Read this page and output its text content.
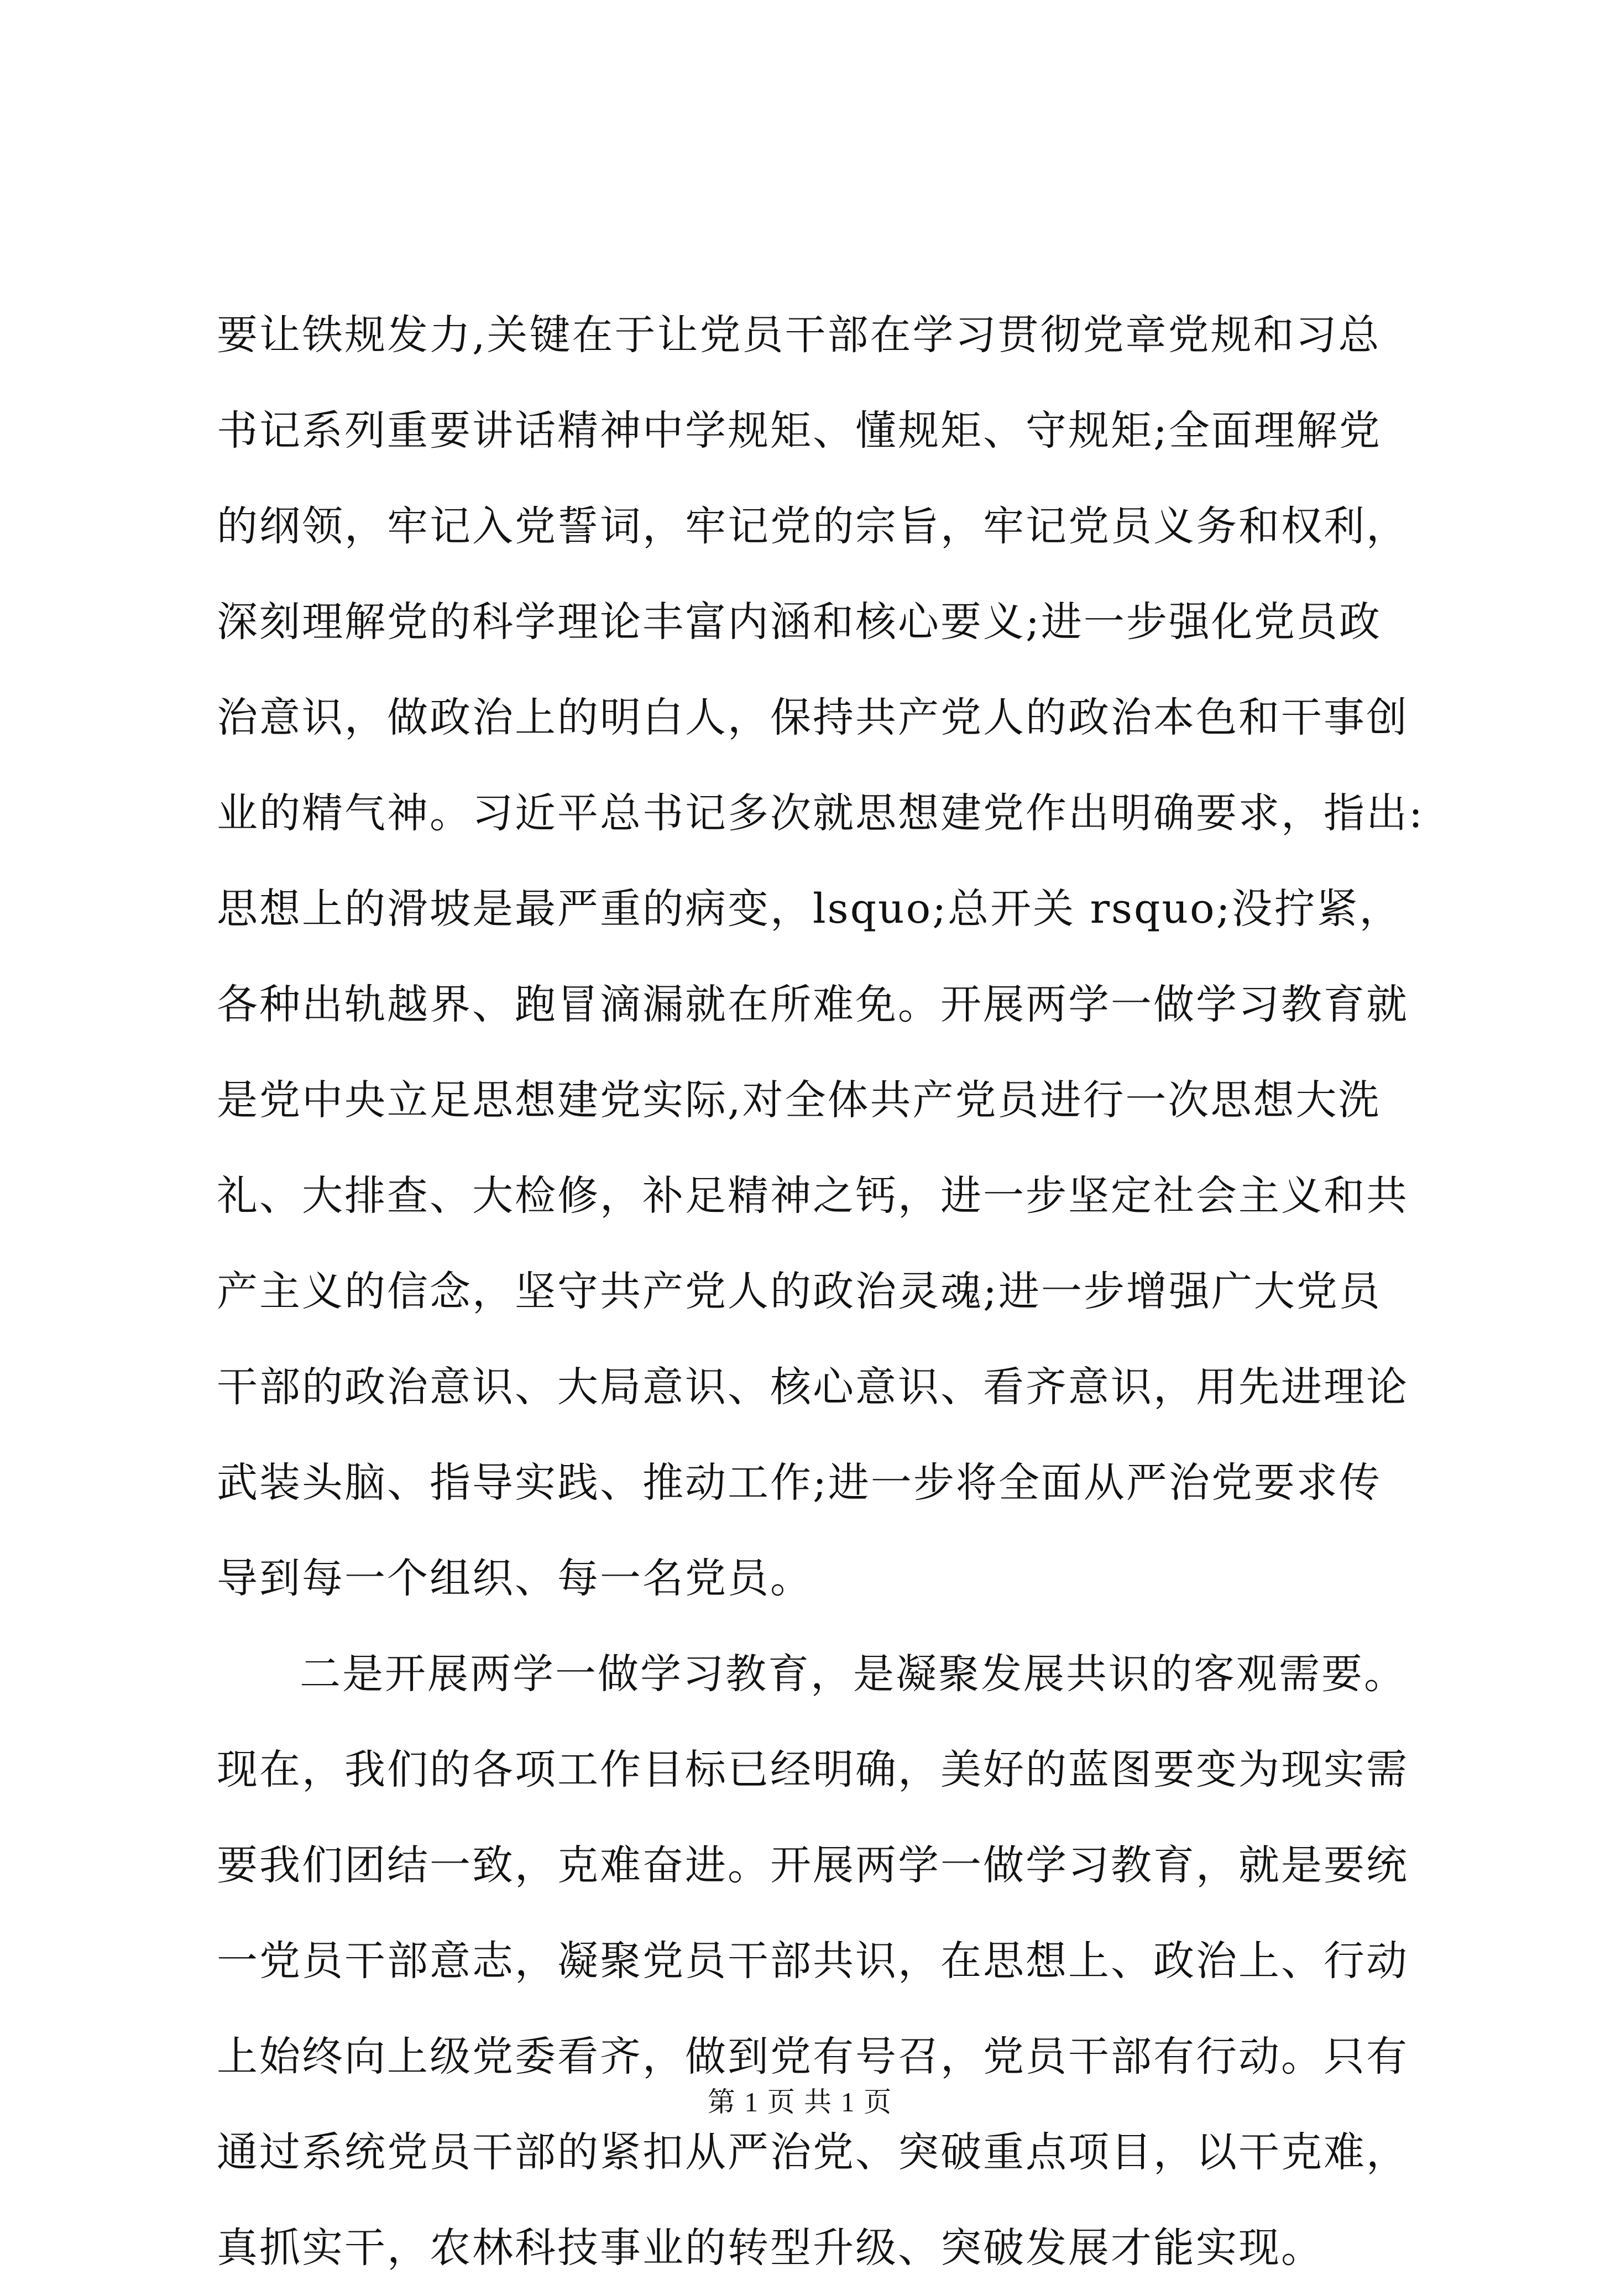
要让铁规发力,关键在于让党员干部在学习贯彻党章党规和习总
书记系列重要讲话精神中学规矩、懂规矩、守规矩;全面理解党
的纲领，牢记入党誓词，牢记党的宗旨，牢记党员义务和权利，
深刻理解党的科学理论丰富内涵和核心要义;进一步强化党员政
治意识，做政治上的明白人，保持共产党人的政治本色和干事创
业的精气神。习近平总书记多次就思想建党作出明确要求，指出:
思想上的滑坡是最严重的病变，lsquo;总开关 rsquo;没拧紧，
各种出轨越界、跑冒滴漏就在所难免。开展两学一做学习教育就
是党中央立足思想建党实际,对全体共产党员进行一次思想大洗
礼、大排查、大检修，补足精神之钙，进一步坚定社会主义和共
产主义的信念，坚守共产党人的政治灵魂;进一步增强广大党员
干部的政治意识、大局意识、核心意识、看齐意识，用先进理论
武装头脑、指导实践、推动工作;进一步将全面从严治党要求传
导到每一个组织、每一名党员。
二是开展两学一做学习教育，是凝聚发展共识的客观需要。
现在，我们的各项工作目标已经明确，美好的蓝图要变为现实需
要我们团结一致，克难奋进。开展两学一做学习教育，就是要统
一党员干部意志，凝聚党员干部共识，在思想上、政治上、行动
上始终向上级党委看齐，做到党有号召，党员干部有行动。只有
通过系统党员干部的紧扣从严治党、突破重点项目，以干克难，
真抓实干，农林科技事业的转型升级、突破发展才能实现。
第 1 页 共 1 页
